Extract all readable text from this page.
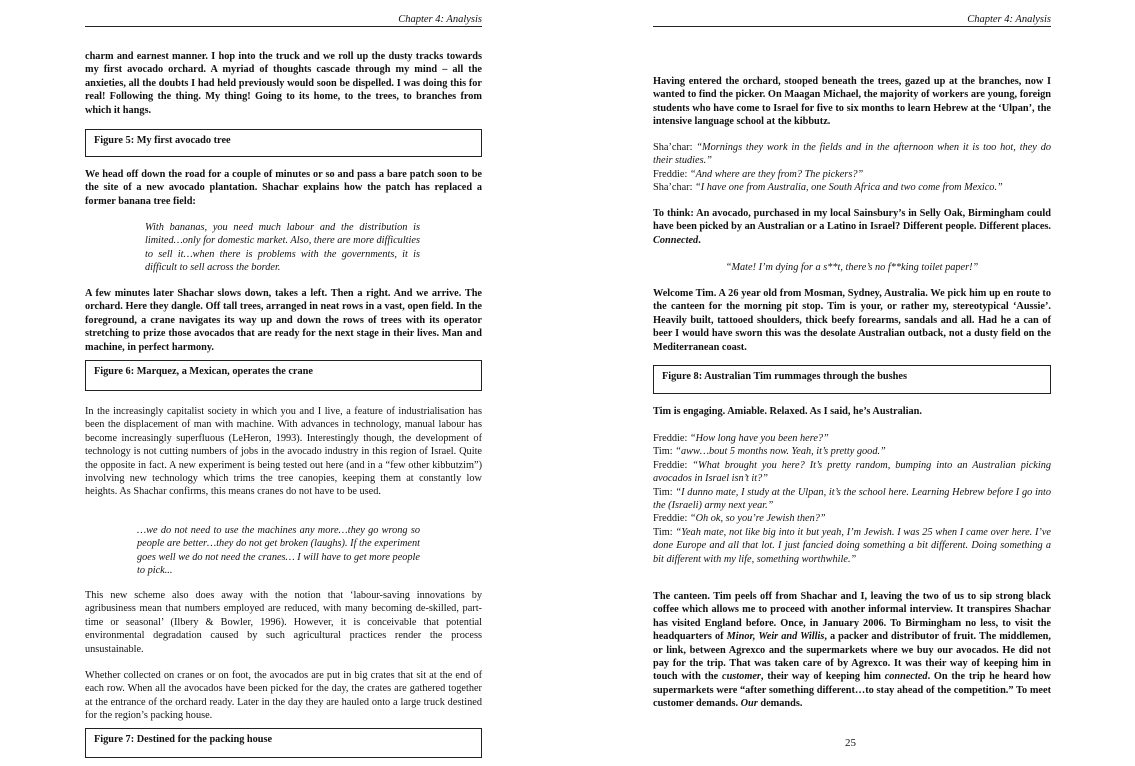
Chapter 4: Analysis

charm and earnest manner. I hop into the truck and we roll up the dusty tracks towards my first avocado orchard. A myriad of thoughts cascade through my mind – all the anxieties, all the doubts I had held previously would soon be dispelled. I was doing this for real! Following the thing. My thing! Going to its home, to the trees, to branches from which it hangs.

Figure 5: My first avocado tree

We head off down the road for a couple of minutes or so and pass a bare patch soon to be the site of a new avocado plantation. Shachar explains how the patch has replaced a former banana tree field:

With bananas, you need much labour and the distribution is limited…only for domestic market. Also, there are more difficulties to sell it…when there is problems with the governments, it is difficult to sell across the border.

A few minutes later Shachar slows down, takes a left. Then a right. And we arrive. The orchard. Here they dangle. Off tall trees, arranged in neat rows in a vast, open field. In the foreground, a crane navigates its way up and down the rows of trees with its operator stretching to prize those avocados that are ready for the next stage in their lives. Man and machine, in perfect harmony.

Figure 6: Marquez, a Mexican, operates the crane

In the increasingly capitalist society in which you and I live, a feature of industrialisation has been the displacement of man with machine. With advances in technology, manual labour has become increasingly superfluous (LeHeron, 1993). Interestingly though, the development of technology is not cutting numbers of jobs in the avocado industry in this region of Israel. Quite the opposite in fact. A new experiment is being tested out here (and in a “few other kibbutzim”) involving new technology which trims the tree canopies, keeping them at constantly low heights. As Shachar confirms, this means cranes do not have to be used.

…we do not need to use the machines any more…they go wrong so people are better…they do not get broken (laughs). If the experiment goes well we do not need the cranes… I will have to get more people to pick...

This new scheme also does away with the notion that ‘labour-saving innovations by agribusiness mean that numbers employed are reduced, with many becoming de-skilled, part-time or seasonal’ (Ilbery & Bowler, 1996). However, it is conceivable that potential environmental degradation caused by such agricultural practices render the process unsustainable.

Whether collected on cranes or on foot, the avocados are put in big crates that sit at the end of each row. When all the avocados have been picked for the day, the crates are gathered together at the entrance of the orchard ready. Later in the day they are hauled onto a large truck destined for the region’s packing house.

Figure 7: Destined for the packing house
Chapter 4: Analysis

Having entered the orchard, stooped beneath the trees, gazed up at the branches, now I wanted to find the picker. On Maagan Michael, the majority of workers are young, foreign students who have come to Israel for five to six months to learn Hebrew at the ‘Ulpan’, the intensive language school at the kibbutz.

Sha’char: “Mornings they work in the fields and in the afternoon when it is too hot, they do their studies.”
Freddie: “And where are they from? The pickers?”
Sha’char: “I have one from Australia, one South Africa and two come from Mexico.”

To think: An avocado, purchased in my local Sainsbury’s in Selly Oak, Birmingham could have been picked by an Australian or a Latino in Israel? Different people. Different places. Connected.

“Mate! I’m dying for a s**t, there’s no f**king toilet paper!”

Welcome Tim. A 26 year old from Mosman, Sydney, Australia. We pick him up en route to the canteen for the morning pit stop. Tim is your, or rather my, stereotypical ‘Aussie’. Heavily built, tattooed shoulders, thick beefy forearms, sandals and all. Had he a can of beer I would have sworn this was the desolate Australian outback, not a dusty field on the Mediterranean coast.

Figure 8: Australian Tim rummages through the bushes

Tim is engaging. Amiable. Relaxed. As I said, he’s Australian.

Freddie: “How long have you been here?”
Tim: “aww…bout 5 months now. Yeah, it’s pretty good.”
Freddie: “What brought you here? It’s pretty random, bumping into an Australian picking avocados in Israel isn’t it?”
Tim: “I dunno mate, I study at the Ulpan, it’s the school here. Learning Hebrew before I go into the (Israeli) army next year.”
Freddie: “Oh ok, so you’re Jewish then?”
Tim: “Yeah mate, not like big into it but yeah, I’m Jewish. I was 25 when I came over here. I’ve done Europe and all that lot. I just fancied doing something a bit different. Doing something a bit different with my life, something worthwhile.”

The canteen. Tim peels off from Shachar and I, leaving the two of us to sip strong black coffee which allows me to proceed with another informal interview. It transpires Shachar has visited England before. Once, in January 2006. To Birmingham no less, to visit the headquarters of Minor, Weir and Willis, a packer and distributor of fruit. The middlemen, or link, between Agrexco and the supermarkets where we buy our avocados. He did not pay for the trip. That was taken care of by Agrexco. It was their way of keeping him in touch with the customer, their way of keeping him connected. On the trip he heard how supermarkets were “after something different…to stay ahead of the competition.” To meet customer demands. Our demands.

25
